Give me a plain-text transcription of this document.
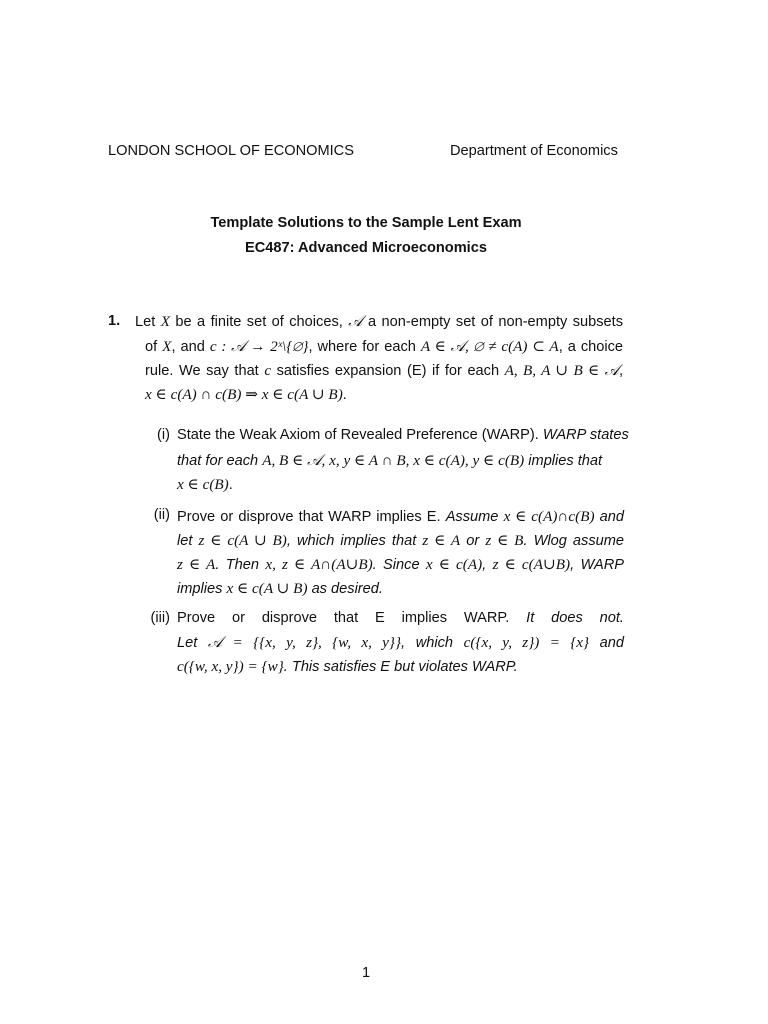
LONDON SCHOOL OF ECONOMICS	Department of Economics
Template Solutions to the Sample Lent Exam
EC487: Advanced Microeconomics
1. Let X be a finite set of choices, 𝒜 a non-empty set of non-empty subsets
of X, and c : 𝒜 → 2ˣ\{∅}, where for each A ∈ 𝒜, ∅ ≠ c(A) ⊂ A, a choice
rule. We say that c satisfies expansion (E) if for each A, B, A ∪ B ∈ 𝒜,
x ∈ c(A) ∩ c(B) ⇒ x ∈ c(A ∪ B).
(i) State the Weak Axiom of Revealed Preference (WARP). WARP states
that for each A, B ∈ 𝒜, x, y ∈ A ∩ B, x ∈ c(A), y ∈ c(B) implies that
x ∈ c(B).
(ii) Prove or disprove that WARP implies E. Assume x ∈ c(A)∩c(B) and
let z ∈ c(A ∪ B), which implies that z ∈ A or z ∈ B. Wlog assume
z ∈ A. Then x, z ∈ A∩(A∪B). Since x ∈ c(A), z ∈ c(A∪B), WARP
implies x ∈ c(A ∪ B) as desired.
(iii) Prove or disprove that E implies WARP. It does not.
Let 𝒜 = {{x, y, z}, {w, x, y}}, which c({x, y, z}) = {x} and
c({w, x, y}) = {w}. This satisfies E but violates WARP.
1
